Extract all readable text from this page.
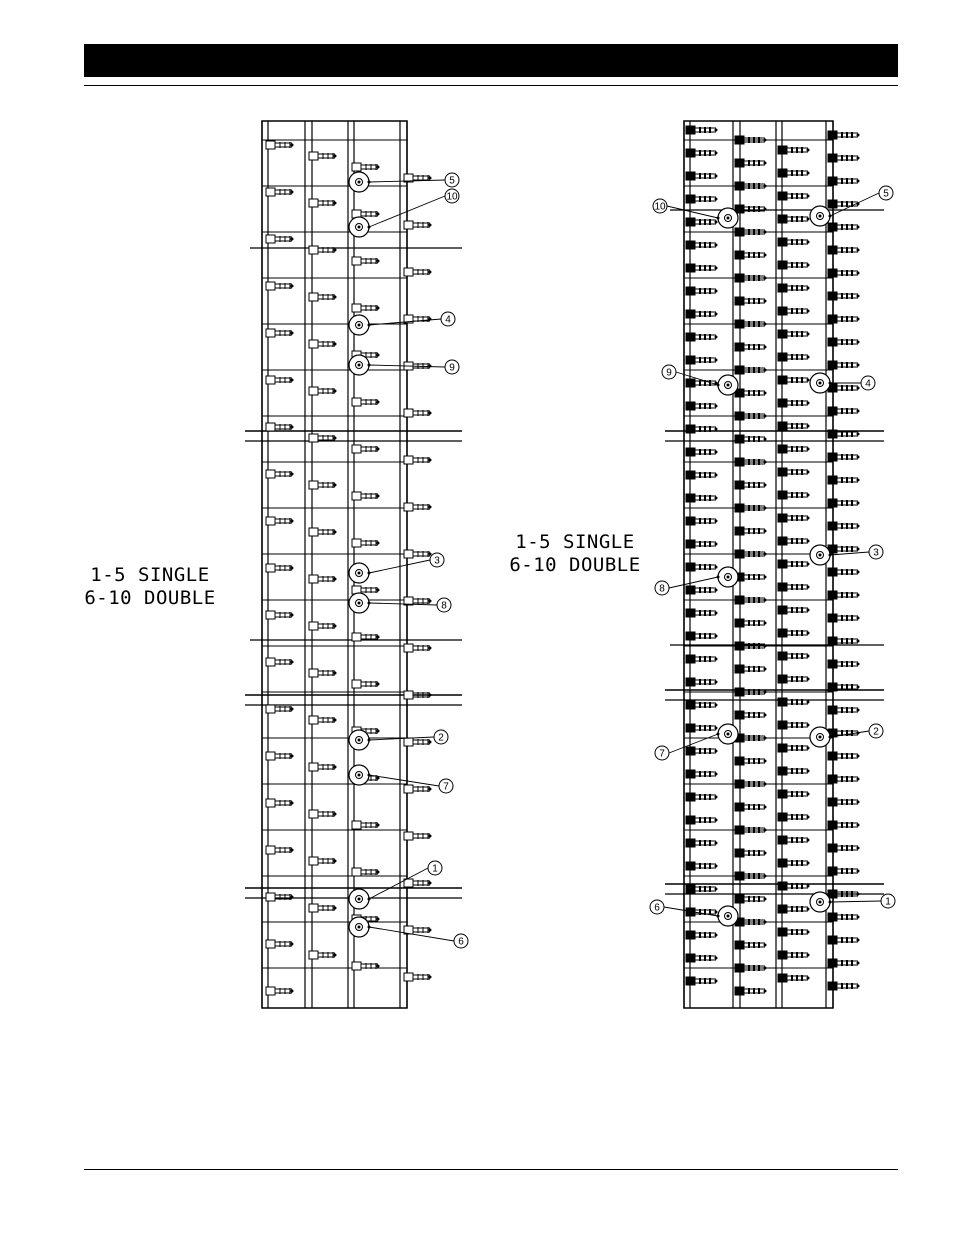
1-5 SINGLE
6-10 DOUBLE
1-5 SINGLE
6-10 DOUBLE
5
10
4
9
3
8
2
7
1
6
10
5
9
4
3
8
7
2
6
1
